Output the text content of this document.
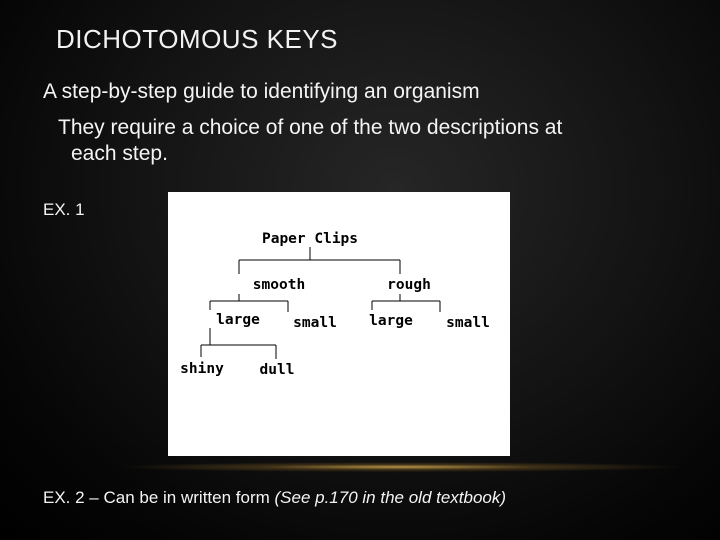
DICHOTOMOUS KEYS
A step-by-step guide to identifying an organism
They require a choice of one of the two descriptions at
each step.
EX. 1
Paper Clips
smooth	rough
large small large small
shiny dull
EX. 2 – Can be in written form (See p.170 in the old textbook)
